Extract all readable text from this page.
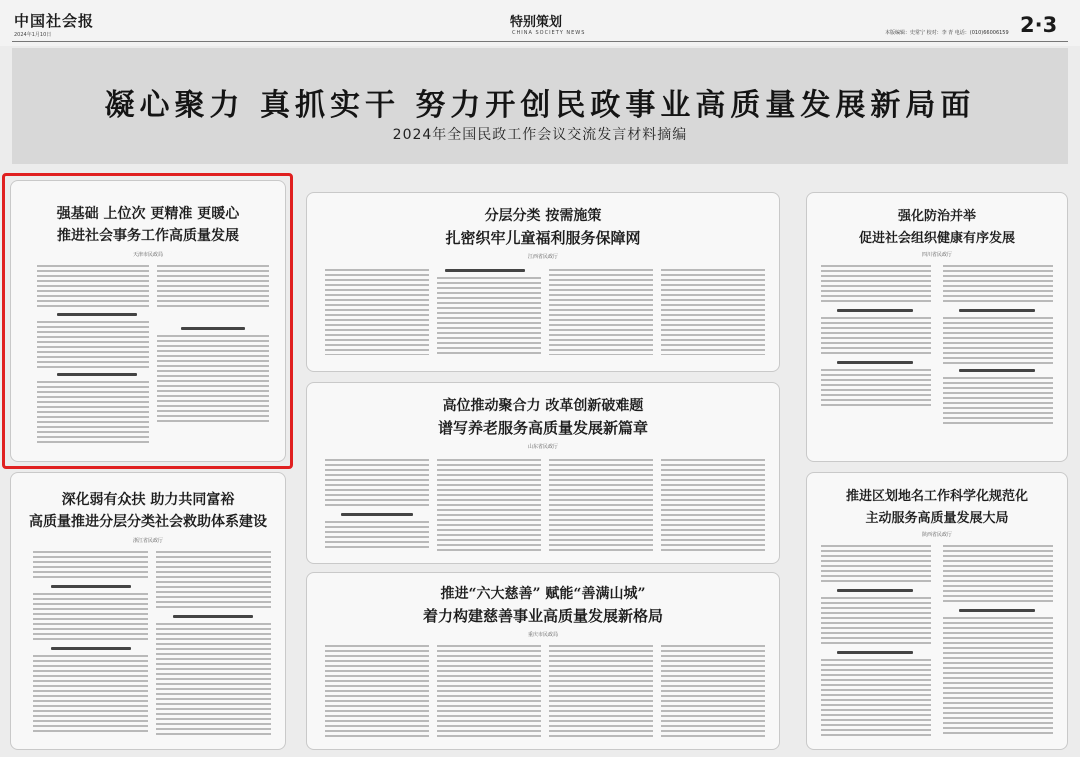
中国社会报
2024年1月10日
特别策划
CHINA SOCIETY NEWS	本版编辑：史常宁 校对：李 青 电话：(010)66006159 2·3
凝心聚力 真抓实干 努力开创民政事业高质量发展新局面
2024年全国民政工作会议交流发言材料摘编
强基础 上位次 更精准 更暖心
推进社会事务工作高质量发展
天津市民政局
深化弱有众扶 助力共同富裕
高质量推进分层分类社会救助体系建设
浙江省民政厅
分层分类 按需施策
扎密织牢儿童福利服务保障网
江西省民政厅
高位推动聚合力 改革创新破难题
谱写养老服务高质量发展新篇章
山东省民政厅
推进“六大慈善” 赋能“善满山城”
着力构建慈善事业高质量发展新格局
重庆市民政局
强化防治并举
促进社会组织健康有序发展
四川省民政厅
推进区划地名工作科学化规范化
主动服务高质量发展大局
陕西省民政厅
